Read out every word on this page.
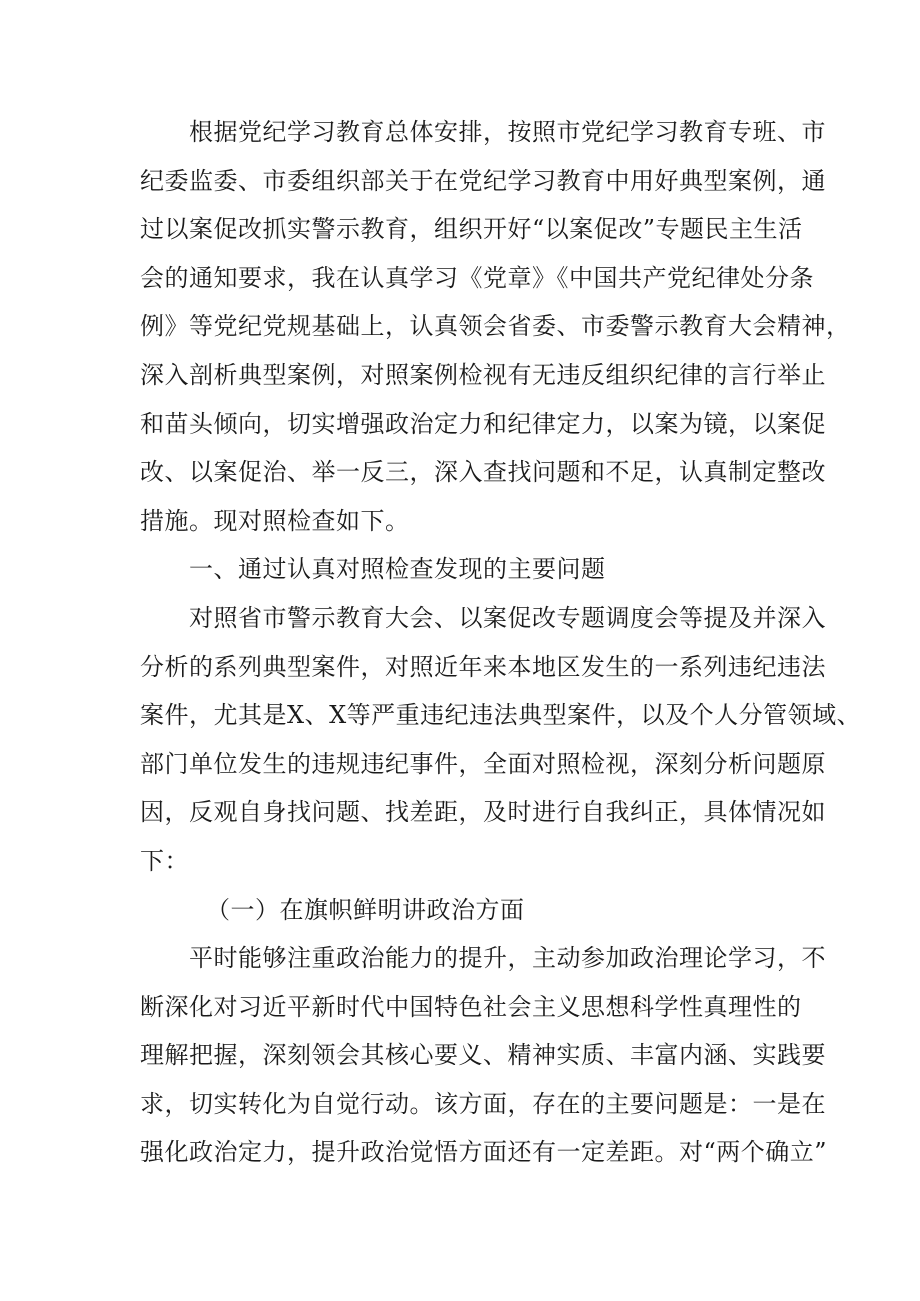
根据党纪学习教育总体安排，按照市党纪学习教育专班、市
纪委监委、市委组织部关于在党纪学习教育中用好典型案例，通
过以案促改抓实警示教育，组织开好“以案促改”专题民主生活
会的通知要求，我在认真学习《党章》《中国共产党纪律处分条
例》等党纪党规基础上，认真领会省委、市委警示教育大会精神，
深入剖析典型案例，对照案例检视有无违反组织纪律的言行举止
和苗头倾向，切实增强政治定力和纪律定力，以案为镜，以案促
改、以案促治、举一反三，深入查找问题和不足，认真制定整改
措施。现对照检查如下。
一、通过认真对照检查发现的主要问题
对照省市警示教育大会、以案促改专题调度会等提及并深入
分析的系列典型案件，对照近年来本地区发生的一系列违纪违法
案件，尤其是X、X等严重违纪违法典型案件，以及个人分管领域、
部门单位发生的违规违纪事件，全面对照检视，深刻分析问题原
因，反观自身找问题、找差距，及时进行自我纠正，具体情况如
下：
（一）在旗帜鲜明讲政治方面
平时能够注重政治能力的提升，主动参加政治理论学习，不
断深化对习近平新时代中国特色社会主义思想科学性真理性的
理解把握，深刻领会其核心要义、精神实质、丰富内涵、实践要
求，切实转化为自觉行动。该方面，存在的主要问题是：一是在
强化政治定力，提升政治觉悟方面还有一定差距。对“两个确立”
